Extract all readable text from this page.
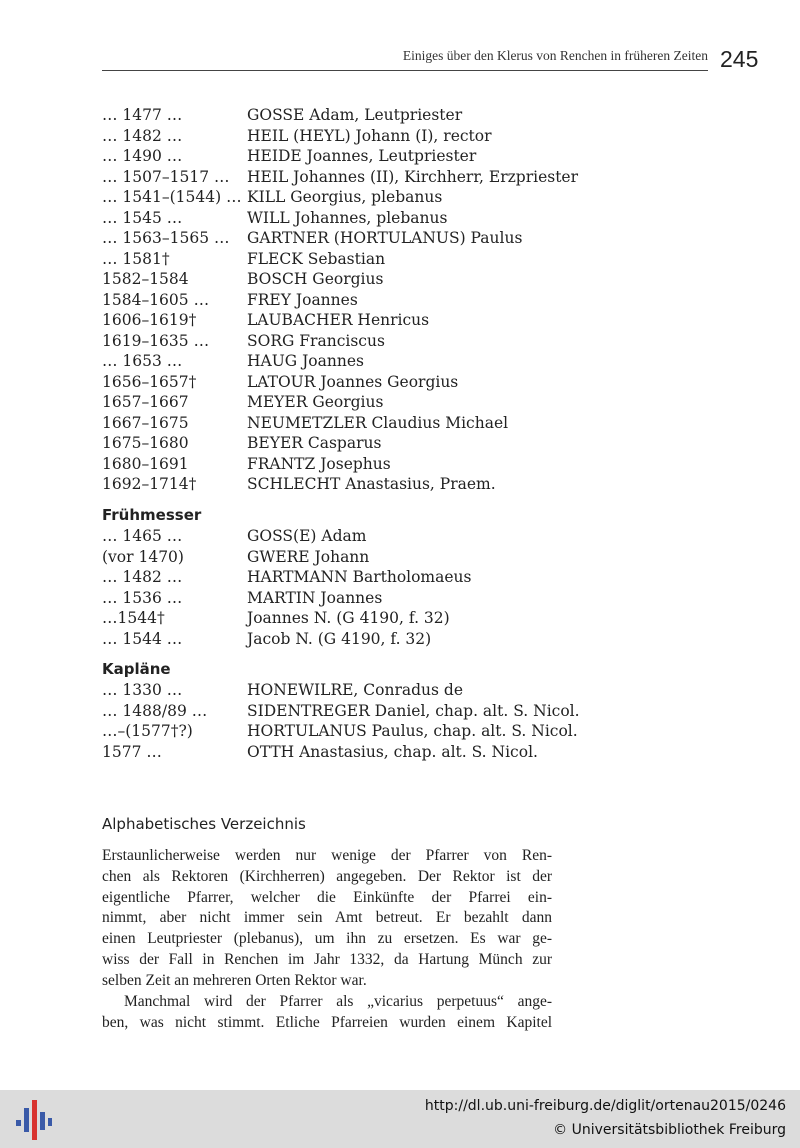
Einiges über den Klerus von Renchen in früheren Zeiten 245
… 1477 …	GOSSE Adam, Leutpriester
… 1482 …	HEIL (HEYL) Johann (I), rector
… 1490 …	HEIDE Joannes, Leutpriester
… 1507–1517 … HEIL Johannes (II), Kirchherr, Erzpriester
… 1541–(1544) … KILL Georgius, plebanus
… 1545 …	WILL Johannes, plebanus
… 1563–1565 … GARTNER (HORTULANUS) Paulus
… 1581†	FLECK Sebastian
1582–1584	BOSCH Georgius
1584–1605 … FREY Joannes
1606–1619†	LAUBACHER Henricus
1619–1635 … SORG Franciscus
… 1653 …	HAUG Joannes
1656–1657†	LATOUR Joannes Georgius
1657–1667	MEYER Georgius
1667–1675	NEUMETZLER Claudius Michael
1675–1680	BEYER Casparus
1680–1691	FRANTZ Josephus
1692–1714†	SCHLECHT Anastasius, Praem.
Frühmesser
… 1465 …	GOSS(E) Adam
(vor 1470)	GWERE Johann
… 1482 …	HARTMANN Bartholomaeus
… 1536 …	MARTIN Joannes
…1544†	Joannes N. (G 4190, f. 32)
… 1544 …	Jacob N. (G 4190, f. 32)
Kapläne
… 1330 …	HONEWILRE, Conradus de
… 1488/89 …	SIDENTREGER Daniel, chap. alt. S. Nicol.
…–(1577†?)	HORTULANUS Paulus, chap. alt. S. Nicol.
1577 …	OTTH Anastasius, chap. alt. S. Nicol.
Alphabetisches Verzeichnis

Erstaunlicherweise werden nur wenige der Pfarrer von Ren-
chen als Rektoren (Kirchherren) angegeben. Der Rektor ist der
eigentliche Pfarrer, welcher die Einkünfte der Pfarrei ein-
nimmt, aber nicht immer sein Amt betreut. Er bezahlt dann
einen Leutpriester (plebanus), um ihn zu ersetzen. Es war ge-
wiss der Fall in Renchen im Jahr 1332, da Hartung Münch zur
selben Zeit an mehreren Orten Rektor war.

Manchmal wird der Pfarrer als „vicarius perpetuus“ ange-
ben, was nicht stimmt. Etliche Pfarreien wurden einem Kapitel

http://dl.ub.uni-freiburg.de/diglit/ortenau2015/0246
© Universitätsbibliothek Freiburg
